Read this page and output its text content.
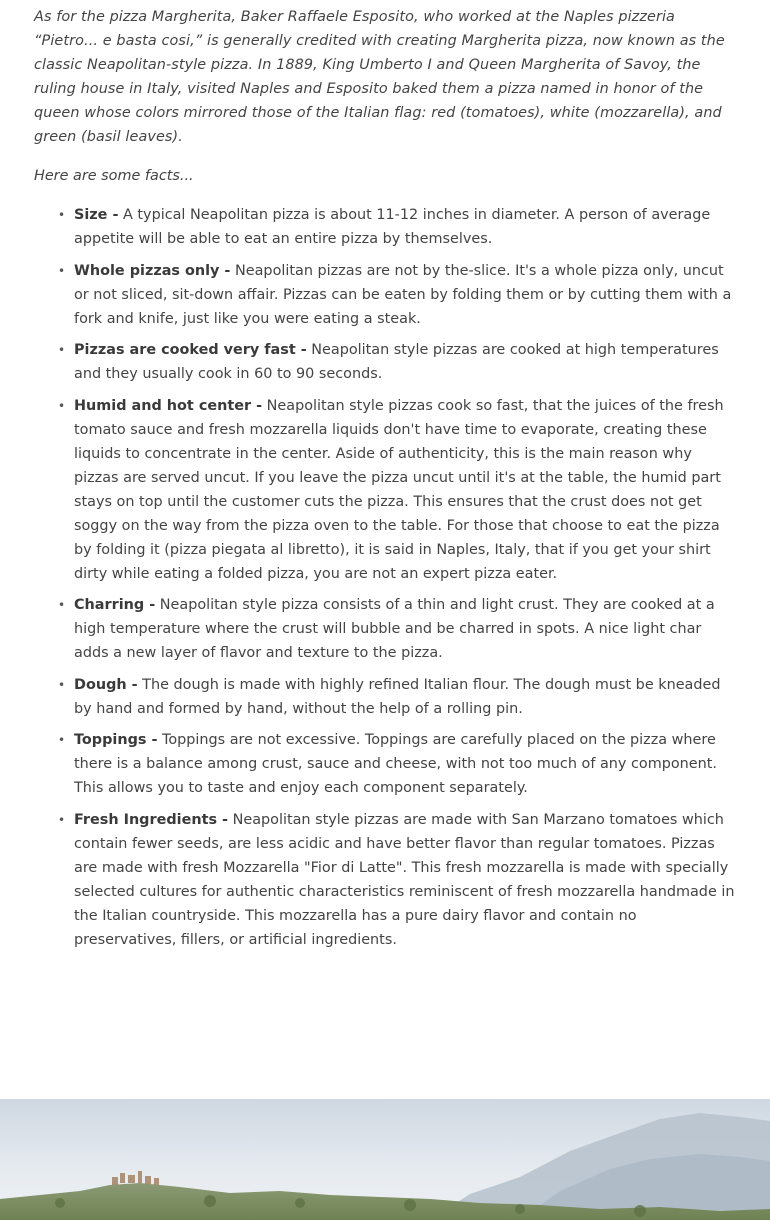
As for the pizza Margherita, Baker Raffaele Esposito, who worked at the Naples pizzeria “Pietro... e basta cosi,” is generally credited with creating Margherita pizza, now known as the classic Neapolitan-style pizza. In 1889, King Umberto I and Queen Margherita of Savoy, the ruling house in Italy, visited Naples and Esposito baked them a pizza named in honor of the queen whose colors mirrored those of the Italian flag: red (tomatoes), white (mozzarella), and green (basil leaves).

Here are some facts...

• Size - A typical Neapolitan pizza is about 11-12 inches in diameter. A person of average appetite will be able to eat an entire pizza by themselves.
• Whole pizzas only - Neapolitan pizzas are not by the-slice. It's a whole pizza only, uncut or not sliced, sit-down affair. Pizzas can be eaten by folding them or by cutting them with a fork and knife, just like you were eating a steak.
• Pizzas are cooked very fast - Neapolitan style pizzas are cooked at high temperatures and they usually cook in 60 to 90 seconds.
• Humid and hot center - Neapolitan style pizzas cook so fast, that the juices of the fresh tomato sauce and fresh mozzarella liquids don't have time to evaporate, creating these liquids to concentrate in the center. Aside of authenticity, this is the main reason why pizzas are served uncut. If you leave the pizza uncut until it's at the table, the humid part stays on top until the customer cuts the pizza. This ensures that the crust does not get soggy on the way from the pizza oven to the table. For those that choose to eat the pizza by folding it (pizza piegata al libretto), it is said in Naples, Italy, that if you get your shirt dirty while eating a folded pizza, you are not an expert pizza eater.
• Charring - Neapolitan style pizza consists of a thin and light crust. They are cooked at a high temperature where the crust will bubble and be charred in spots. A nice light char adds a new layer of flavor and texture to the pizza.
• Dough - The dough is made with highly refined Italian flour. The dough must be kneaded by hand and formed by hand, without the help of a rolling pin.
• Toppings - Toppings are not excessive. Toppings are carefully placed on the pizza where there is a balance among crust, sauce and cheese, with not too much of any component. This allows you to taste and enjoy each component separately.
• Fresh Ingredients - Neapolitan style pizzas are made with San Marzano tomatoes which contain fewer seeds, are less acidic and have better flavor than regular tomatoes. Pizzas are made with fresh Mozzarella "Fior di Latte". This fresh mozzarella is made with specially selected cultures for authentic characteristics reminiscent of fresh mozzarella handmade in the Italian countryside. This mozzarella has a pure dairy flavor and contain no preservatives, fillers, or artificial ingredients.
